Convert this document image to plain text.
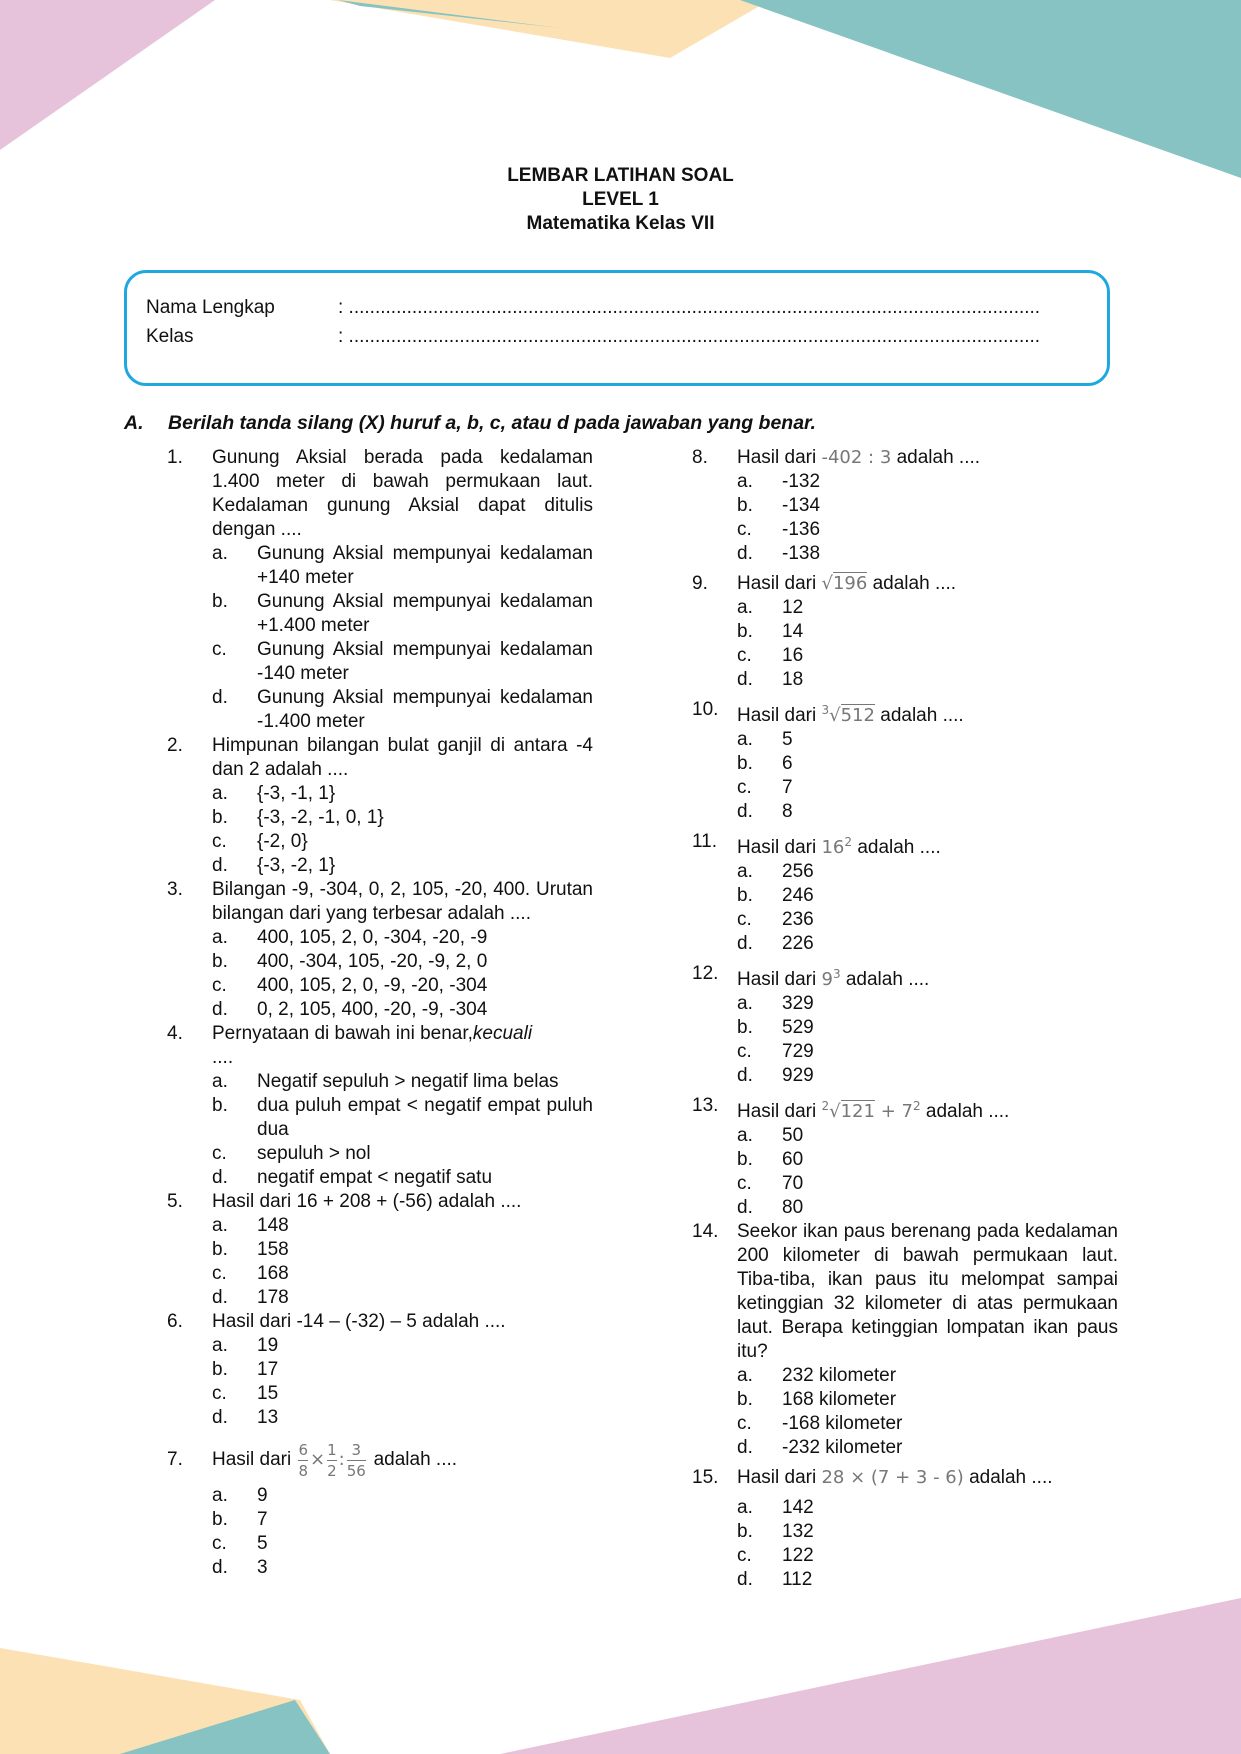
LEMBAR LATIHAN SOAL
LEVEL 1
Matematika Kelas VII
Nama Lengkap	: ...................................................................................................................................
Kelas	: ...................................................................................................................................
A. Berilah tanda silang (X) huruf a, b, c, atau d pada jawaban yang benar.
1.	Gunung Aksial berada pada kedalaman 1.400 meter di bawah permukaan laut. Kedalaman gunung Aksial dapat ditulis dengan ....
a.	Gunung Aksial mempunyai kedalaman +140 meter
b.	Gunung Aksial mempunyai kedalaman +1.400 meter
c.	Gunung Aksial mempunyai kedalaman -140 meter
d.	Gunung Aksial mempunyai kedalaman -1.400 meter
2.	Himpunan bilangan bulat ganjil di antara -4 dan 2 adalah ....
a.	{-3, -1, 1}
b.	{-3, -2, -1, 0, 1}
c.	{-2, 0}
d.	{-3, -2, 1}
3.	Bilangan -9, -304, 0, 2, 105, -20, 400. Urutan bilangan dari yang terbesar adalah ....
a.	400, 105, 2, 0, -304, -20, -9
b.	400, -304, 105, -20, -9, 2, 0
c.	400, 105, 2, 0, -9, -20, -304
d.	0, 2, 105, 400, -20, -9, -304
4.	Pernyataan di bawah ini benar,kecuali
....
a.	Negatif sepuluh > negatif lima belas
b.	dua puluh empat < negatif empat puluh dua
c.	sepuluh > nol
d.	negatif empat < negatif satu
5.	Hasil dari 16 + 208 + (-56) adalah ....
a.	148
b.	158
c.	168
d.	178
6.	Hasil dari -14 – (-32) – 5 adalah ....
a.	19
b.	17
c.	15
d.	13
7.	Hasil dari $\frac{6}{8} \times \frac{1}{2}$ : $\frac{3}{56}$ adalah ....
a.	9
b.	7
c.	5
d.	3
8.	Hasil dari -402 : 3 adalah ....
a.	-132
b.	-134
c.	-136
d.	-138
9.	Hasil dari √196 adalah ....
a.	12
b.	14
c.	16
d.	18
10. Hasil dari $^3$√512 adalah ....
a.	5
b.	6
c.	7
d.	8
11.	Hasil dari $16^2$ adalah ....
a.	256
b.	246
c.	236
d.	226
12. Hasil dari $9^3$ adalah ....
a.	329
b.	529
c.	729
d.	929
13. Hasil dari $^2√121 + 7^2$ adalah ....
a.	50
b.	60
c.	70
d.	80
14. Seekor ikan paus berenang pada kedalaman 200 kilometer di bawah permukaan laut. Tiba-tiba, ikan paus itu melompat sampai ketinggian 32 kilometer di atas permukaan laut. Berapa ketinggian lompatan ikan paus itu?
a.	232 kilometer
b.	168 kilometer
c.	-168 kilometer
d.	-232 kilometer
15. Hasil dari 28 × (7 + 3 - 6) adalah ....
a.	142
b.	132
c.	122
d.	112
